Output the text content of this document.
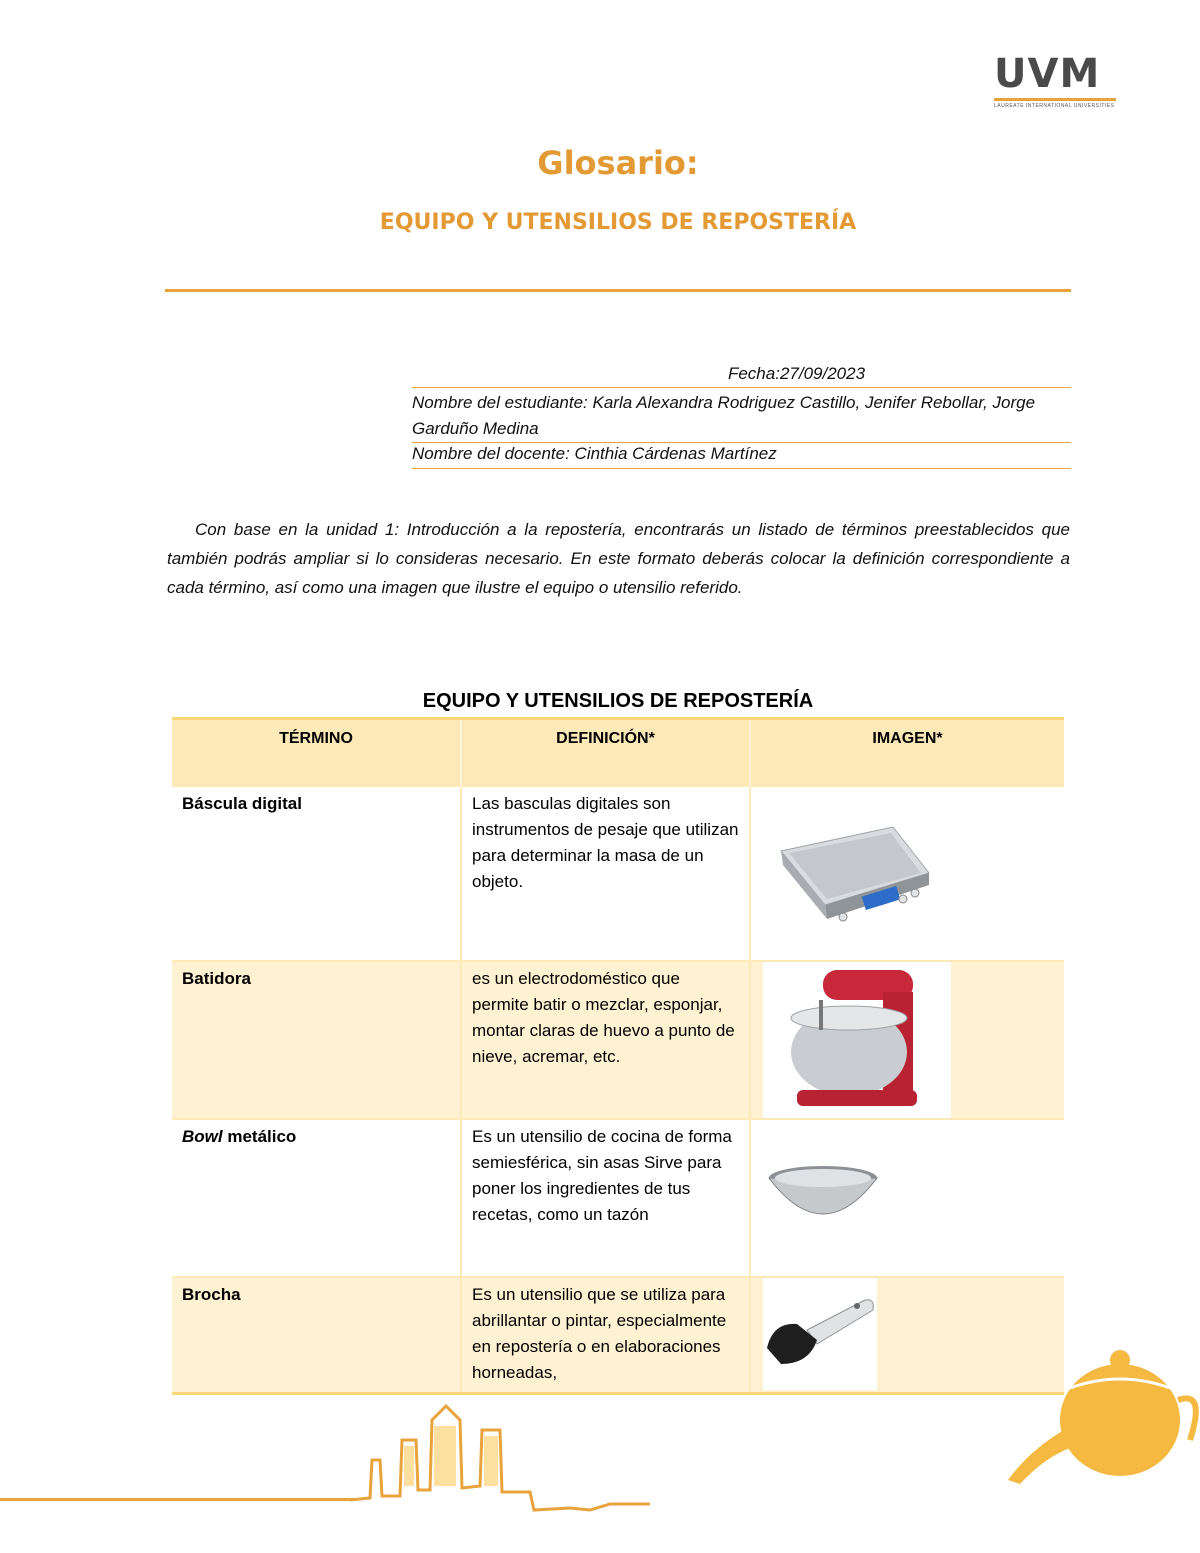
UVM
LAUREATE INTERNATIONAL UNIVERSITIES
Glosario:
EQUIPO Y UTENSILIOS DE REPOSTERÍA
Fecha:27/09/2023
Nombre del estudiante: Karla Alexandra Rodriguez Castillo, Jenifer Rebollar, Jorge Garduño Medina
Nombre del docente: Cinthia Cárdenas Martínez
Con base en la unidad 1: Introducción a la repostería, encontrarás un listado de términos preestablecidos que también podrás ampliar si lo consideras necesario. En este formato deberás colocar la definición correspondiente a cada término, así como una imagen que ilustre el equipo o utensilio referido.
EQUIPO Y UTENSILIOS DE REPOSTERÍA
TÉRMINO	DEFINICIÓN*	IMAGEN*
Báscula digital	Las basculas digitales son instrumentos de pesaje que utilizan para determinar la masa de un objeto.	

Batidora	es un electrodoméstico que permite batir o mezclar, esponjar, montar claras de huevo a punto de nieve, acremar, etc.	

Bowl metálico	Es un utensilio de cocina de forma semiesférica, sin asas Sirve para poner los ingredientes de tus recetas, como un tazón	

Brocha	Es un utensilio que se utiliza para abrillantar o pintar, especialmente en repostería o en elaboraciones horneadas,	
